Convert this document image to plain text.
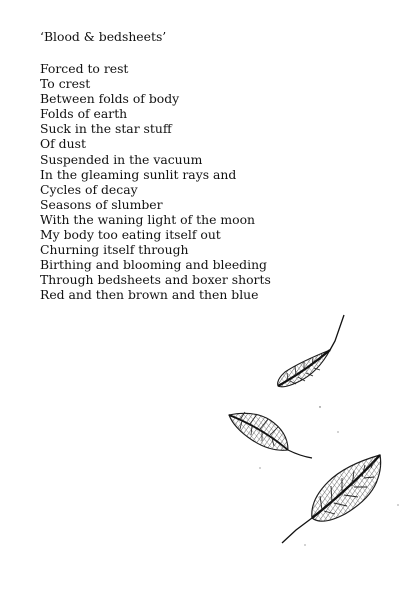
‘Blood & bedsheets’
Forced to rest
To crest
Between folds of body
Folds of earth
Suck in the star stuff
Of dust
Suspended in the vacuum
In the gleaming sunlit rays and
Cycles of decay
Seasons of slumber
With the waning light of the moon
My body too eating itself out
Churning itself through
Birthing and blooming and bleeding
Through bedsheets and boxer shorts
Red and then brown and then blue
